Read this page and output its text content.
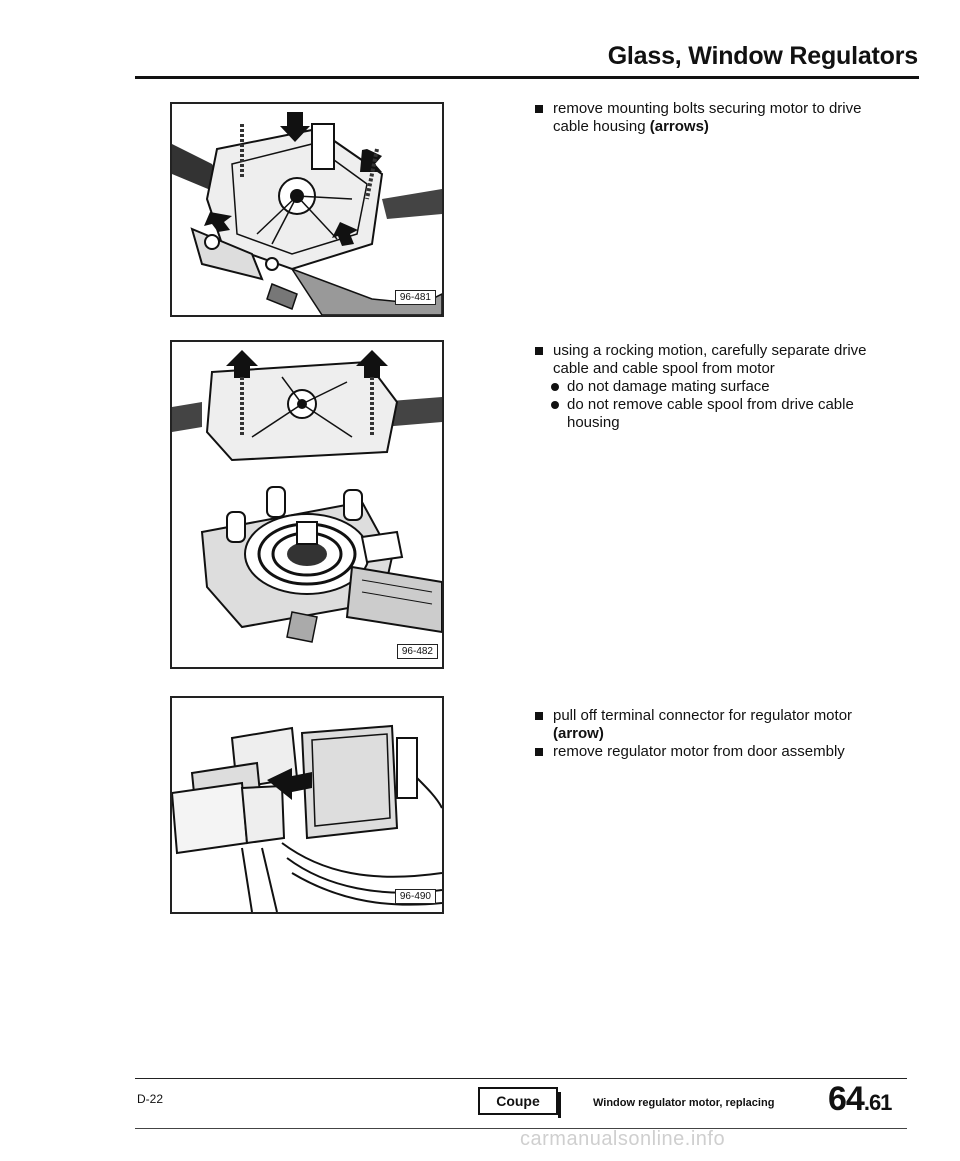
Glass, Window Regulators
96-481
96-482
96-490
remove mounting bolts securing motor to drive cable housing (arrows)
using a rocking motion, carefully separate drive cable and cable spool from motor
do not damage mating surface
do not remove cable spool from drive cable housing
pull off terminal connector for regulator motor (arrow)
remove regulator motor from door assembly
D-22	Coupe	Window regulator motor, replacing 64.61
carmanualsonline.info
